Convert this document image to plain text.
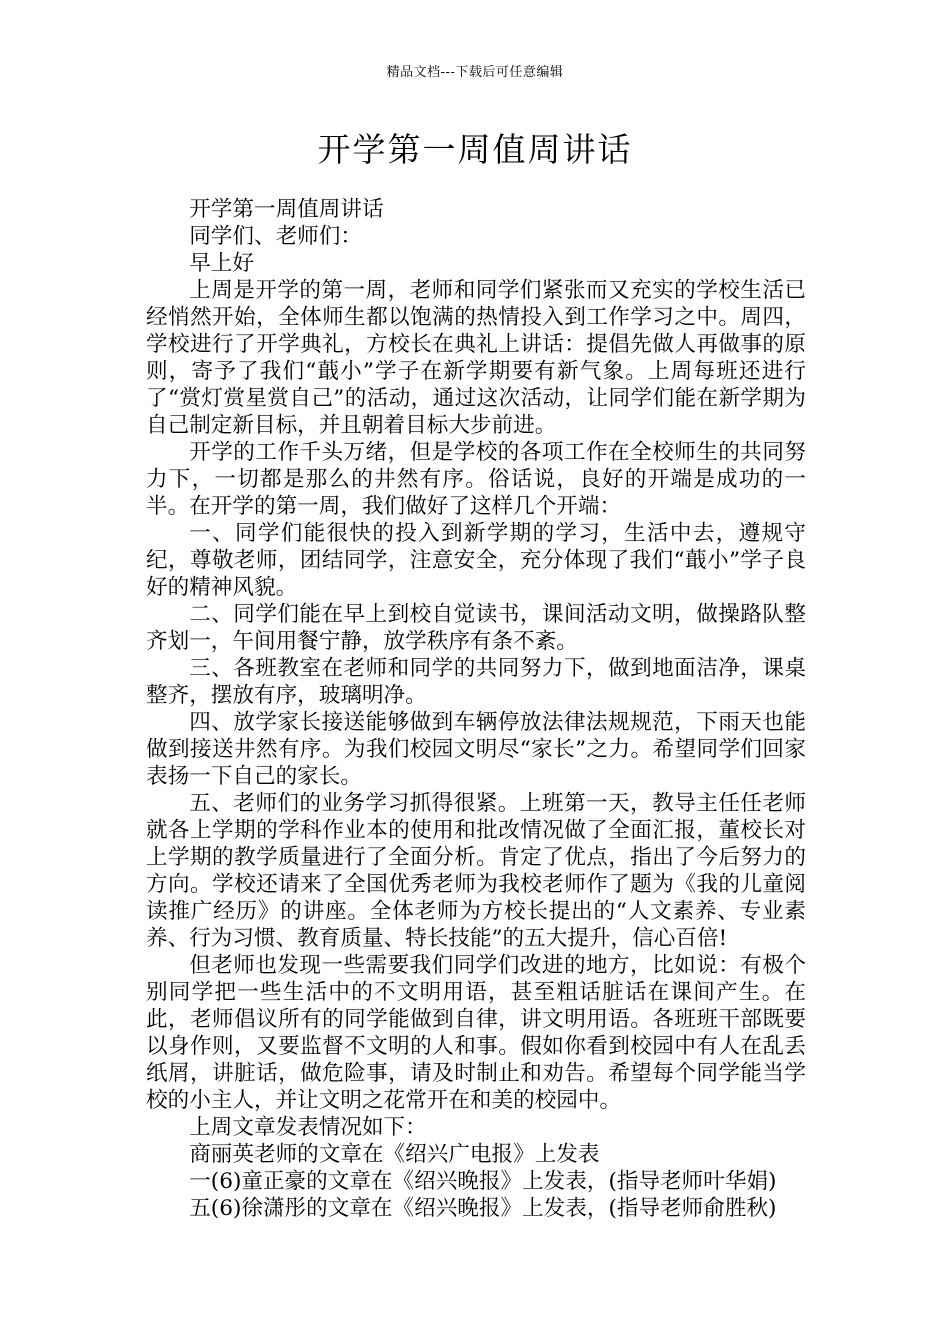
精品文档---下载后可任意编辑
开学第一周值周讲话

开学第一周值周讲话

同学们、老师们：

早上好

上周是开学的第一周，老师和同学们紧张而又充实的学校生活已经悄然开始，全体师生都以饱满的热情投入到工作学习之中。周四，学校进行了开学典礼，方校长在典礼上讲话：提倡先做人再做事的原则，寄予了我们“蕺小”学子在新学期要有新气象。上周每班还进行了“赏灯赏星赏自己”的活动，通过这次活动，让同学们能在新学期为自己制定新目标，并且朝着目标大步前进。

开学的工作千头万绪，但是学校的各项工作在全校师生的共同努力下，一切都是那么的井然有序。俗话说，良好的开端是成功的一半。在开学的第一周，我们做好了这样几个开端：

一、同学们能很快的投入到新学期的学习，生活中去，遵规守纪，尊敬老师，团结同学，注意安全，充分体现了我们“蕺小”学子良好的精神风貌。

二、同学们能在早上到校自觉读书，课间活动文明，做操路队整齐划一，午间用餐宁静，放学秩序有条不紊。

三、各班教室在老师和同学的共同努力下，做到地面洁净，课桌整齐，摆放有序，玻璃明净。

四、放学家长接送能够做到车辆停放法律法规规范，下雨天也能做到接送井然有序。为我们校园文明尽“家长”之力。希望同学们回家表扬一下自己的家长。

五、老师们的业务学习抓得很紧。上班第一天，教导主任任老师就各上学期的学科作业本的使用和批改情况做了全面汇报，董校长对上学期的教学质量进行了全面分析。肯定了优点，指出了今后努力的方向。学校还请来了全国优秀老师为我校老师作了题为《我的儿童阅读推广经历》的讲座。全体老师为方校长提出的“人文素养、专业素养、行为习惯、教育质量、特长技能”的五大提升，信心百倍!

但老师也发现一些需要我们同学们改进的地方，比如说：有极个别同学把一些生活中的不文明用语，甚至粗话脏话在课间产生。在此，老师倡议所有的同学能做到自律，讲文明用语。各班班干部既要以身作则，又要监督不文明的人和事。假如你看到校园中有人在乱丢纸屑，讲脏话，做危险事，请及时制止和劝告。希望每个同学能当学校的小主人，并让文明之花常开在和美的校园中。

上周文章发表情况如下：

商丽英老师的文章在《绍兴广电报》上发表

一(6)童正豪的文章在《绍兴晚报》上发表，(指导老师叶华娟)

五(6)徐潇彤的文章在《绍兴晚报》上发表，(指导老师俞胜秋)
